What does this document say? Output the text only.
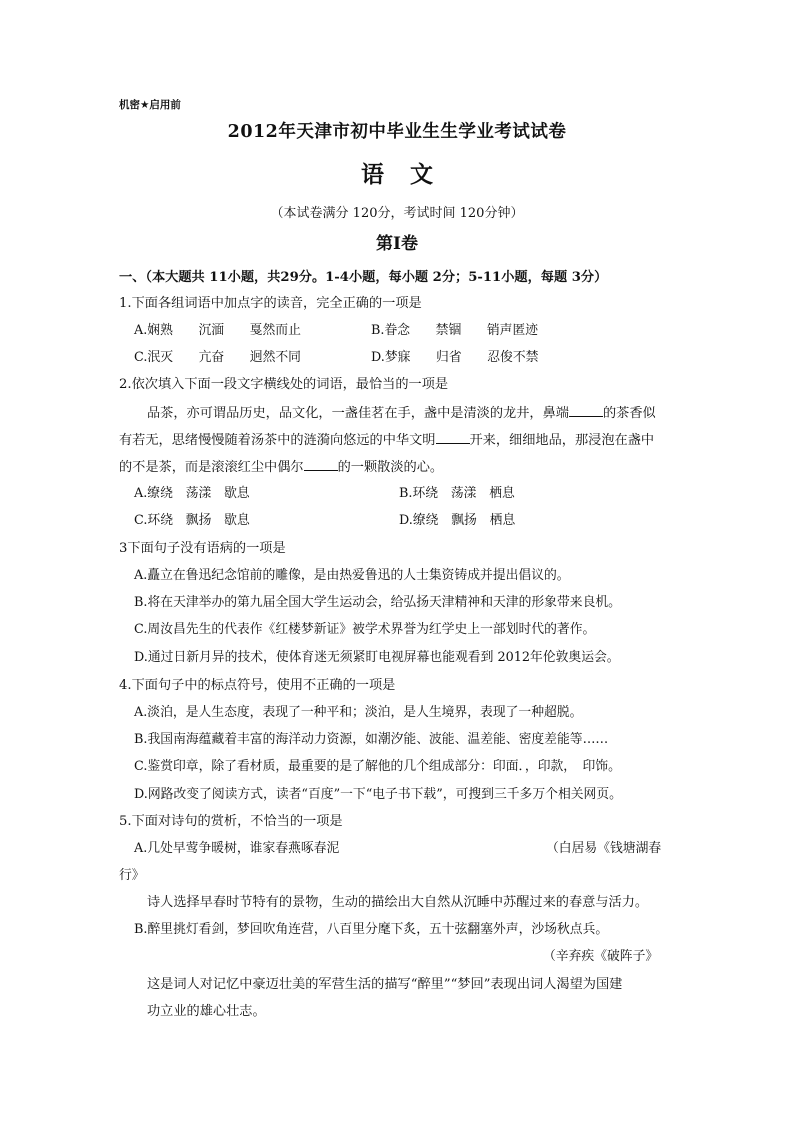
机密★启用前
2012年天津市初中毕业生生学业考试试卷
语 文
（本试卷满分 120分，考试时间 120分钟）
第Ⅰ卷
一、（本大题共 11小题，共29分。1-4小题，每小题 2分；5-11小题，每题 3分）
1.下面各组词语中加点字的读音，完全正确的一项是
A.娴熟　　沉湎　　戛然而止	B.眷念　　禁锢　　销声匿迹
C.泯灭　　亢奋　　迥然不同	D.梦寐　　归省　　忍俊不禁
2.依次填入下面一段文字横线处的词语，最恰当的一项是
品茶，亦可谓品历史，品文化，一盏佳茗在手，盏中是清淡的龙井，鼻端	的茶香似
有若无，思绪慢慢随着汤茶中的涟漪向悠远的中华文明	开来，细细地品，那浸泡在盏中
的不是茶，而是滚滚红尘中偶尔	的一颗散淡的心。
A.缭绕　荡漾　歇息	B.环绕　荡漾　栖息
C.环绕　飘扬　歇息	D.缭绕　飘扬　栖息
3下面句子没有语病的一项是
A.矗立在鲁迅纪念馆前的雕像，是由热爱鲁迅的人士集资铸成并提出倡议的。
B.将在天津举办的第九届全国大学生运动会，给弘扬天津精神和天津的形象带来良机。
C.周汝昌先生的代表作《红楼梦新证》被学术界誉为红学史上一部划时代的著作。
D.通过日新月异的技术，使体育迷无须紧盯电视屏幕也能观看到 2012年伦敦奥运会。
4.下面句子中的标点符号，使用不正确的一项是
A.淡泊，是人生态度，表现了一种平和；淡泊，是人生境界，表现了一种超脱。
B.我国南海蕴藏着丰富的海洋动力资源，如潮汐能、波能、温差能、密度差能等……
C.鉴赏印章，除了看材质，最重要的是了解他的几个组成部分：印面．，印款，　印饰。
D.网路改变了阅读方式，读者“百度”一下“电子书下载”，可搜到三千多万个相关网页。
5.下面对诗句的赏析，不恰当的一项是
A.几处早莺争暖树，谁家春燕啄春泥	（白居易《钱塘湖春
行》
诗人选择早春时节特有的景物，生动的描绘出大自然从沉睡中苏醒过来的春意与活力。
B.醉里挑灯看剑，梦回吹角连营，八百里分麾下炙，五十弦翻塞外声，沙场秋点兵。
（辛弃疾《破阵子》
这是词人对记忆中豪迈壮美的军营生活的描写“醉里”“梦回”表现出词人渴望为国建
功立业的雄心壮志。
